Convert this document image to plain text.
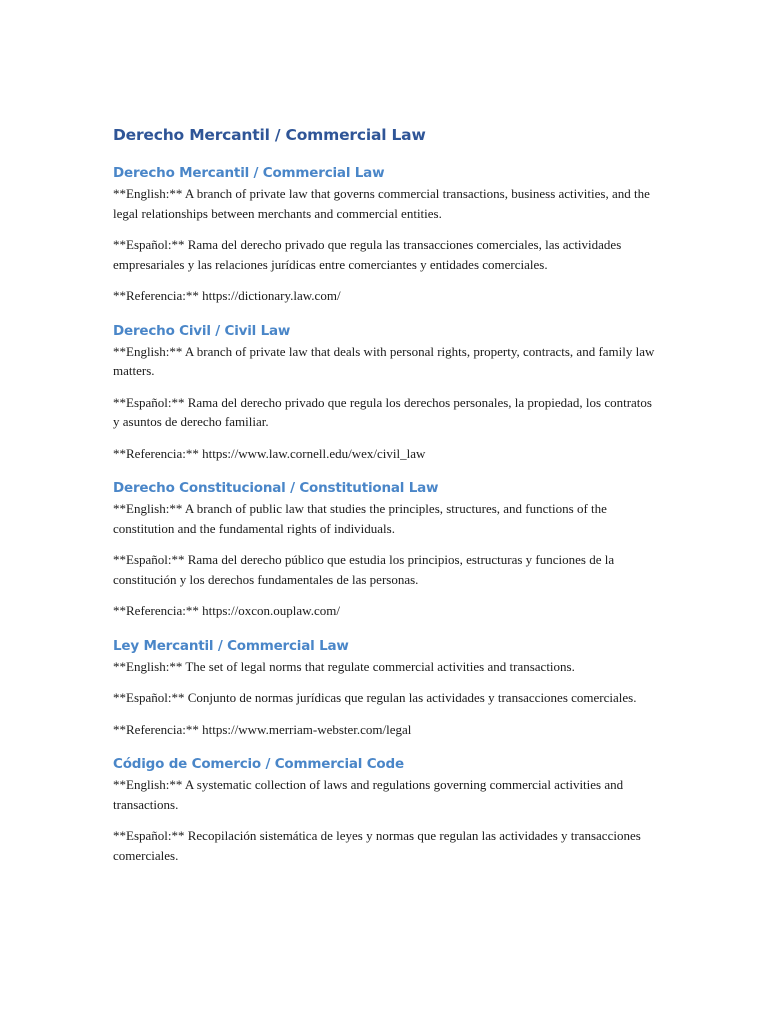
Derecho Mercantil / Commercial Law
Derecho Mercantil / Commercial Law

**English:** A branch of private law that governs commercial transactions, business activities, and the legal relationships between merchants and commercial entities.

**Español:** Rama del derecho privado que regula las transacciones comerciales, las actividades empresariales y las relaciones jurídicas entre comerciantes y entidades comerciales.

**Referencia:** https://dictionary.law.com/

Derecho Civil / Civil Law

**English:** A branch of private law that deals with personal rights, property, contracts, and family law matters.

**Español:** Rama del derecho privado que regula los derechos personales, la propiedad, los contratos y asuntos de derecho familiar.

**Referencia:** https://www.law.cornell.edu/wex/civil_law

Derecho Constitucional / Constitutional Law

**English:** A branch of public law that studies the principles, structures, and functions of the constitution and the fundamental rights of individuals.

**Español:** Rama del derecho público que estudia los principios, estructuras y funciones de la constitución y los derechos fundamentales de las personas.

**Referencia:** https://oxcon.ouplaw.com/

Ley Mercantil / Commercial Law

**English:** The set of legal norms that regulate commercial activities and transactions.

**Español:** Conjunto de normas jurídicas que regulan las actividades y transacciones comerciales.

**Referencia:** https://www.merriam-webster.com/legal

Código de Comercio / Commercial Code

**English:** A systematic collection of laws and regulations governing commercial activities and transactions.

**Español:** Recopilación sistemática de leyes y normas que regulan las actividades y transacciones comerciales.
